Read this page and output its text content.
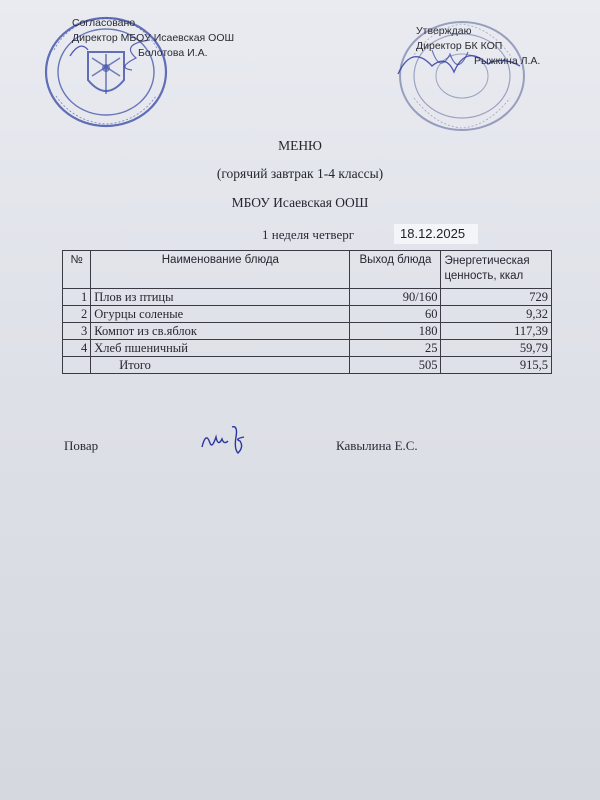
Согласовано
Директор МБОУ Исаевская ООШ
Болотова И.А.
Утверждаю
Директор БК КОП
Рыжкина Л.А.
МЕНЮ
(горячий завтрак 1-4 классы)
МБОУ Исаевская ООШ
1 неделя четверг	18.12.2025
№	Наименование блюда	Выход блюда	Энергетическая
ценность, ккал

1	Плов из птицы	90/160	729
2	Огурцы соленые	60	9,32
3	Компот из св.яблок	180	117,39
4	Хлеб пшеничный	25	59,79
	Итого	505	915,5
Повар	Кавылина Е.С.
